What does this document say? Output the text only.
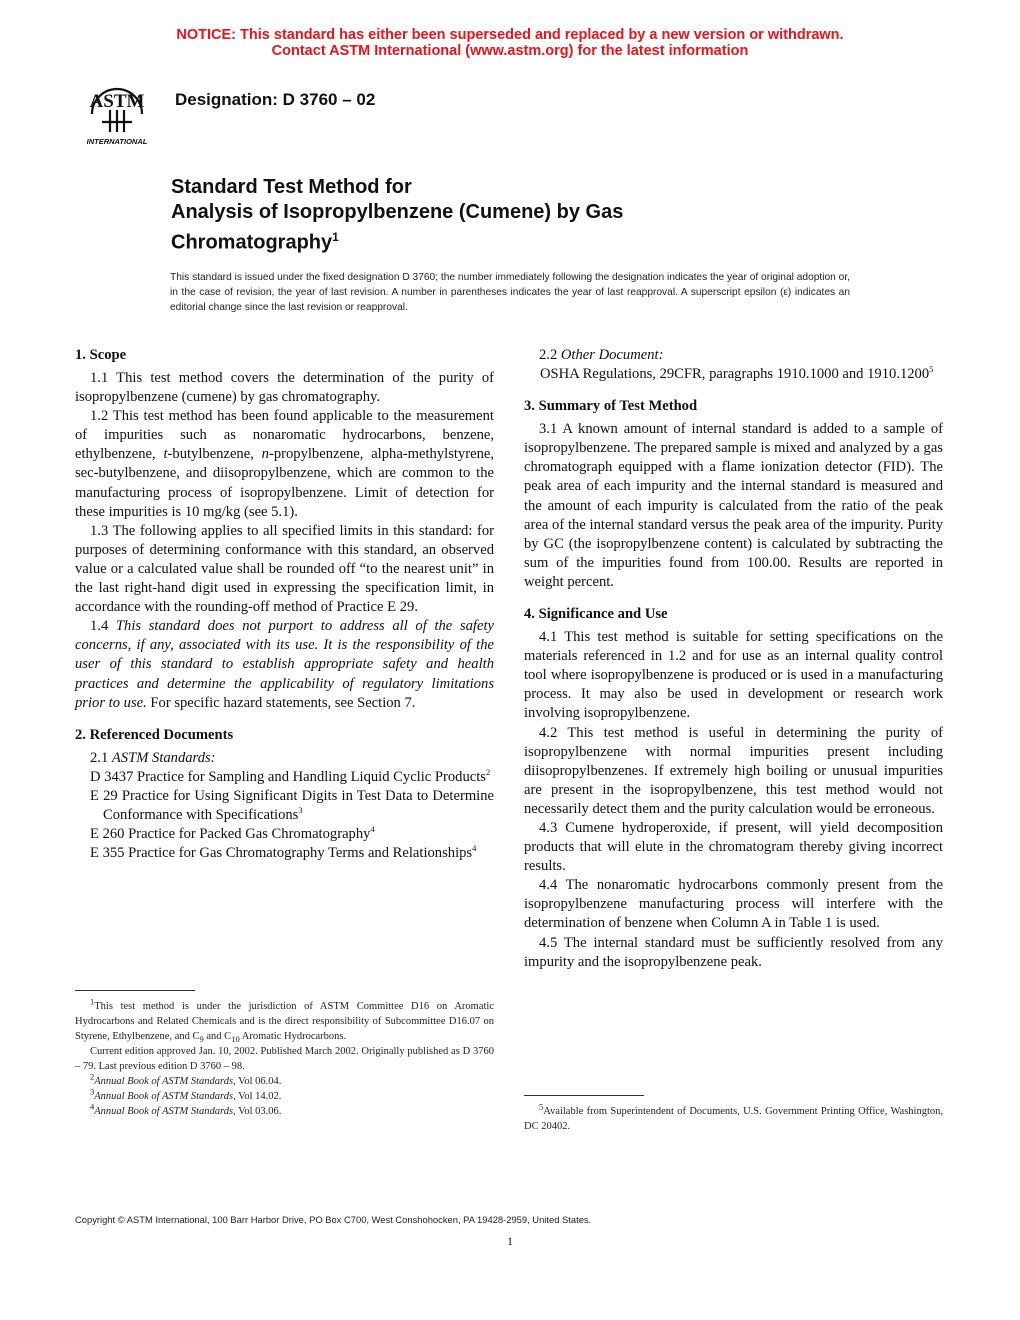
NOTICE: This standard has either been superseded and replaced by a new version or withdrawn.
Contact ASTM International (www.astm.org) for the latest information
ASTM
INTERNATIONAL
Designation: D 3760 – 02
Standard Test Method for
Analysis of Isopropylbenzene (Cumene) by Gas
Chromatography$^1$
This standard is issued under the fixed designation D 3760; the number immediately following the designation indicates the year of original adoption or, in the case of revision, the year of last revision. A number in parentheses indicates the year of last reapproval. A superscript epsilon (ε) indicates an editorial change since the last revision or reapproval.
1. Scope

1.1 This test method covers the determination of the purity of isopropylbenzene (cumene) by gas chromatography.

1.2 This test method has been found applicable to the measurement of impurities such as nonaromatic hydrocarbons, benzene, ethylbenzene, t-butylbenzene, n-propylbenzene, alpha-methylstyrene, sec-butylbenzene, and diisopropylbenzene, which are common to the manufacturing process of isopropylbenzene. Limit of detection for these impurities is 10 mg/kg (see 5.1).

1.3 The following applies to all specified limits in this standard: for purposes of determining conformance with this standard, an observed value or a calculated value shall be rounded off “to the nearest unit” in the last right-hand digit used in expressing the specification limit, in accordance with the rounding-off method of Practice E 29.

1.4 This standard does not purport to address all of the safety concerns, if any, associated with its use. It is the responsibility of the user of this standard to establish appropriate safety and health practices and determine the applicability of regulatory limitations prior to use. For specific hazard statements, see Section 7.

2. Referenced Documents

2.1 ASTM Standards:

D 3437 Practice for Sampling and Handling Liquid Cyclic Products$^2$
E 29 Practice for Using Significant Digits in Test Data to Determine Conformance with Specifications$^3$
E 260 Practice for Packed Gas Chromatography$^4$
E 355 Practice for Gas Chromatography Terms and Relationships$^4$

2.2 Other Document:

OSHA Regulations, 29CFR, paragraphs 1910.1000 and 1910.1200$^5$
3. Summary of Test Method

3.1 A known amount of internal standard is added to a sample of isopropylbenzene. The prepared sample is mixed and analyzed by a gas chromatograph equipped with a flame ionization detector (FID). The peak area of each impurity and the internal standard is measured and the amount of each impurity is calculated from the ratio of the peak area of the internal standard versus the peak area of the impurity. Purity by GC (the isopropylbenzene content) is calculated by subtracting the sum of the impurities found from 100.00. Results are reported in weight percent.

4. Significance and Use

4.1 This test method is suitable for setting specifications on the materials referenced in 1.2 and for use as an internal quality control tool where isopropylbenzene is produced or is used in a manufacturing process. It may also be used in development or research work involving isopropylbenzene.

4.2 This test method is useful in determining the purity of isopropylbenzene with normal impurities present including diisopropylbenzenes. If extremely high boiling or unusual impurities are present in the isopropylbenzene, this test method would not necessarily detect them and the purity calculation would be erroneous.

4.3 Cumene hydroperoxide, if present, will yield decomposition products that will elute in the chromatogram thereby giving incorrect results.

4.4 The nonaromatic hydrocarbons commonly present from the isopropylbenzene manufacturing process will interfere with the determination of benzene when Column A in Table 1 is used.

4.5 The internal standard must be sufficiently resolved from any impurity and the isopropylbenzene peak.

$^1$This test method is under the jurisdiction of ASTM Committee D16 on Aromatic Hydrocarbons and Related Chemicals and is the direct responsibility of Subcommittee D16.07 on Styrene, Ethylbenzene, and $C_9$ and $C_{10}$ Aromatic Hydrocarbons.

Current edition approved Jan. 10, 2002. Published March 2002. Originally published as D 3760 – 79. Last previous edition D 3760 – 98.

$^2$Annual Book of ASTM Standards, Vol 06.04.

$^3$Annual Book of ASTM Standards, Vol 14.02.

$^4$Annual Book of ASTM Standards, Vol 03.06.	$^5$Available from Superintendent of Documents, U.S. Government Printing Office, Washington, DC 20402.

Copyright © ASTM International, 100 Barr Harbor Drive, PO Box C700, West Conshohocken, PA 19428-2959, United States.
1
